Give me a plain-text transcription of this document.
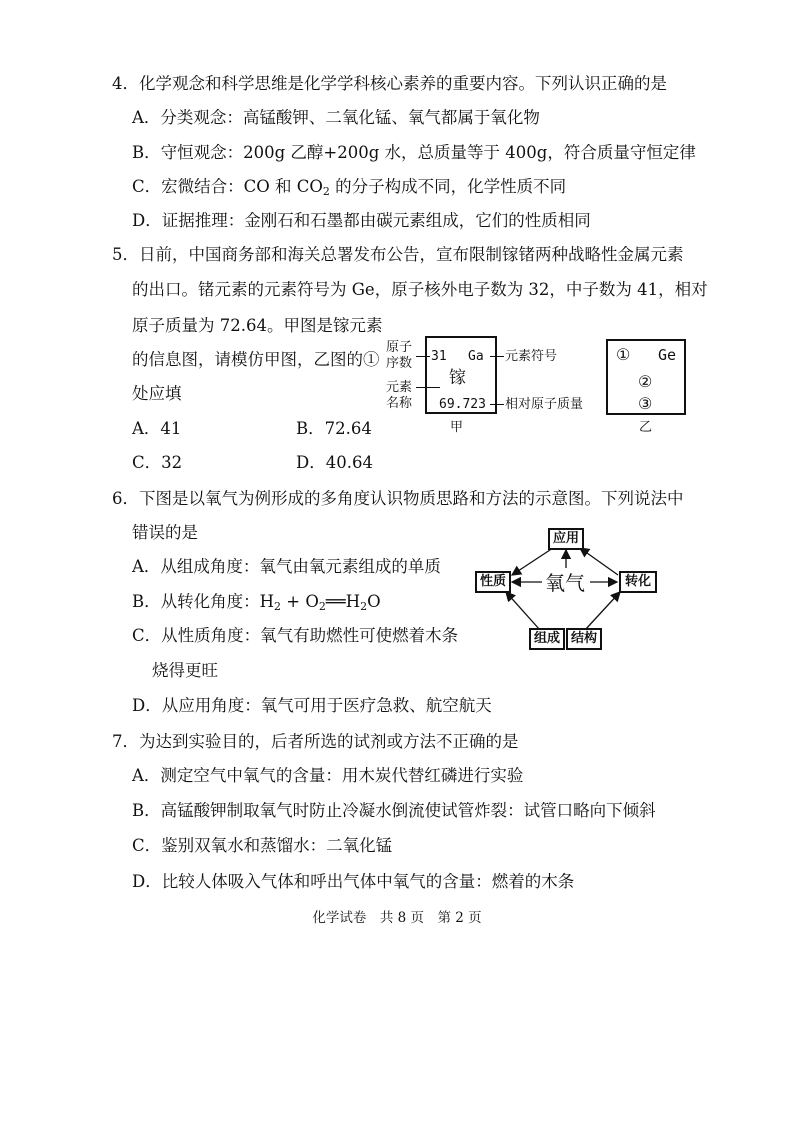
4．化学观念和科学思维是化学学科核心素养的重要内容。下列认识正确的是
A．分类观念：高锰酸钾、二氧化锰、氧气都属于氧化物
B．守恒观念：200g 乙醇+200g 水，总质量等于 400g，符合质量守恒定律
C．宏微结合：CO 和 CO2 的分子构成不同，化学性质不同
D．证据推理：金刚石和石墨都由碳元素组成，它们的性质相同
5．日前，中国商务部和海关总署发布公告，宣布限制镓锗两种战略性金属元素
的出口。锗元素的元素符号为 Ge，原子核外电子数为 32，中子数为 41，相对
原子质量为 72.64。甲图是镓元素
的信息图，请模仿甲图，乙图的①
处应填
A．41	B．72.64
C．32	D．40.64
原子
序数
元素
名称
31 Ga
镓
69.723
元素符号
相对原子质量
甲
① Ge
②
③
乙
6．下图是以氧气为例形成的多角度认识物质思路和方法的示意图。下列说法中
错误的是
A．从组成角度：氧气由氧元素组成的单质
B．从转化角度：H2 + O2══H2O
C．从性质角度：氧气有助燃性可使燃着木条
烧得更旺
D．从应用角度：氧气可用于医疗急救、航空航天
应用
性质	转化
组成 结构
氧气
7．为达到实验目的，后者所选的试剂或方法不正确的是
A．测定空气中氧气的含量：用木炭代替红磷进行实验
B．高锰酸钾制取氧气时防止冷凝水倒流使试管炸裂：试管口略向下倾斜
C．鉴别双氧水和蒸馏水：二氧化锰
D．比较人体吸入气体和呼出气体中氧气的含量：燃着的木条
化学试卷　共 8 页　第 2 页
